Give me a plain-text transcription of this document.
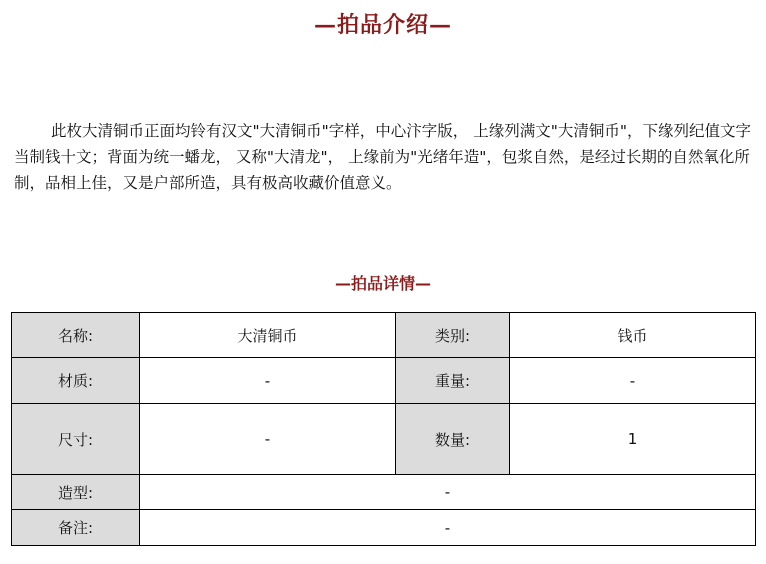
—拍品介绍—

此枚大清铜币正面均铃有汉文"大清铜币"字样，中心汴字版， 上缘列满文"大清铜币"，下缘列纪值文字当制钱十文；背面为统一蟠龙， 又称"大清龙"， 上缘前为"光绪年造"，包浆自然，是经过长期的自然氧化所制，品相上佳，又是户部所造，具有极高收藏价值意义。

—拍品详情—
名称:	大清铜币	类别:	钱币
材质:	-	重量:	-
尺寸:	-	数量:	1
造型:	-		
备注:	-		
